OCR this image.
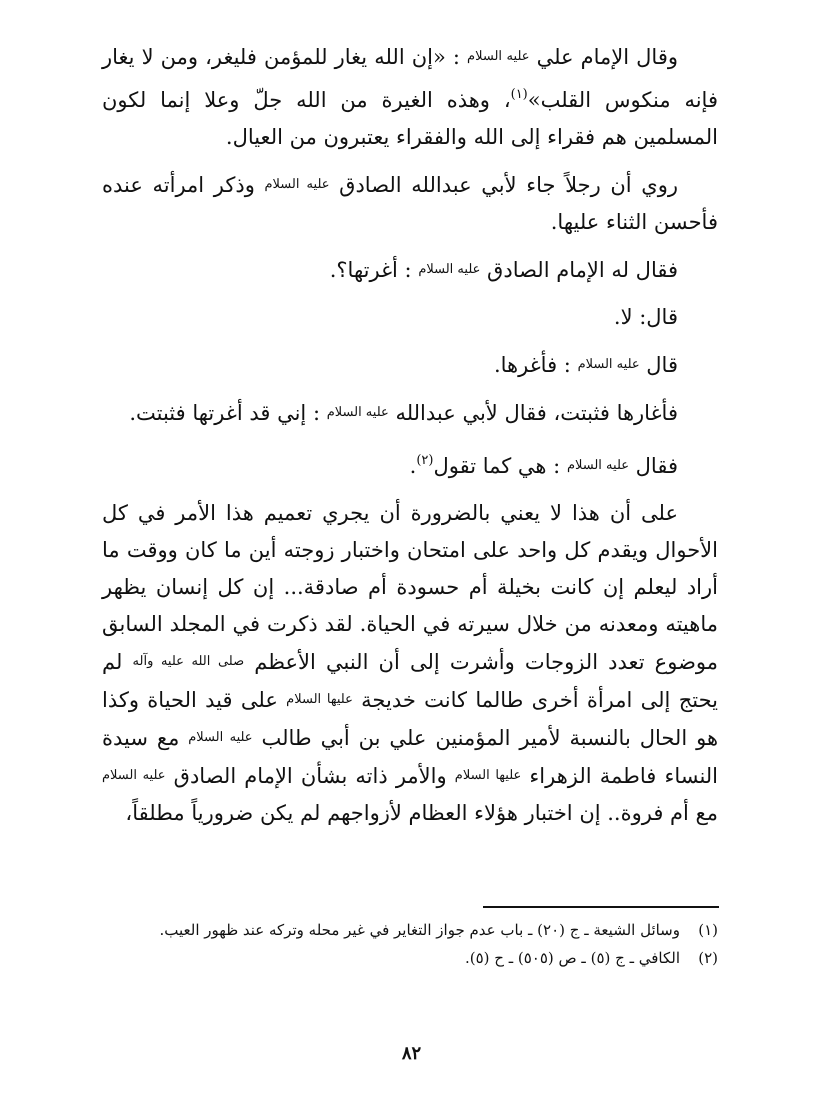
وقال الإمام علي عليه السلام : «إن الله يغار للمؤمن فليغر، ومن لا يغار فإنه منكوس القلب»$^{(١)}$، وهذه الغيرة من الله جلّ وعلا إنما لكون المسلمين هم فقراء إلى الله والفقراء يعتبرون من العيال.

روي أن رجلاً جاء لأبي عبدالله الصادق عليه السلام وذكر امرأته عنده فأحسن الثناء عليها.

فقال له الإمام الصادق عليه السلام : أغرتها؟.

قال: لا.

قال عليه السلام : فأغرها.

فأغارها فثبتت، فقال لأبي عبدالله عليه السلام : إني قد أغرتها فثبتت.

فقال عليه السلام : هي كما تقول$^{(٢)}$.

على أن هذا لا يعني بالضرورة أن يجري تعميم هذا الأمر في كل الأحوال ويقدم كل واحد على امتحان واختبار زوجته أين ما كان ووقت ما أراد ليعلم إن كانت بخيلة أم حسودة أم صادقة... إن كل إنسان يظهر ماهيته ومعدنه من خلال سيرته في الحياة. لقد ذكرت في المجلد السابق موضوع تعدد الزوجات وأشرت إلى أن النبي الأعظم صلى الله عليه وآله لم يحتج إلى امرأة أخرى طالما كانت خديجة عليها السلام على قيد الحياة وكذا هو الحال بالنسبة لأمير المؤمنين علي بن أبي طالب عليه السلام مع سيدة النساء فاطمة الزهراء عليها السلام والأمر ذاته بشأن الإمام الصادق عليه السلام مع أم فروة.. إن اختبار هؤلاء العظام لأزواجهم لم يكن ضرورياً مطلقاً،

(١)
وسائل الشيعة ـ ج (٢٠) ـ باب عدم جواز التغاير في غير محله وتركه عند ظهور العيب.
(٢)
الكافي ـ ج (٥) ـ ص (٥٠٥) ـ ح (٥).
٨٢
